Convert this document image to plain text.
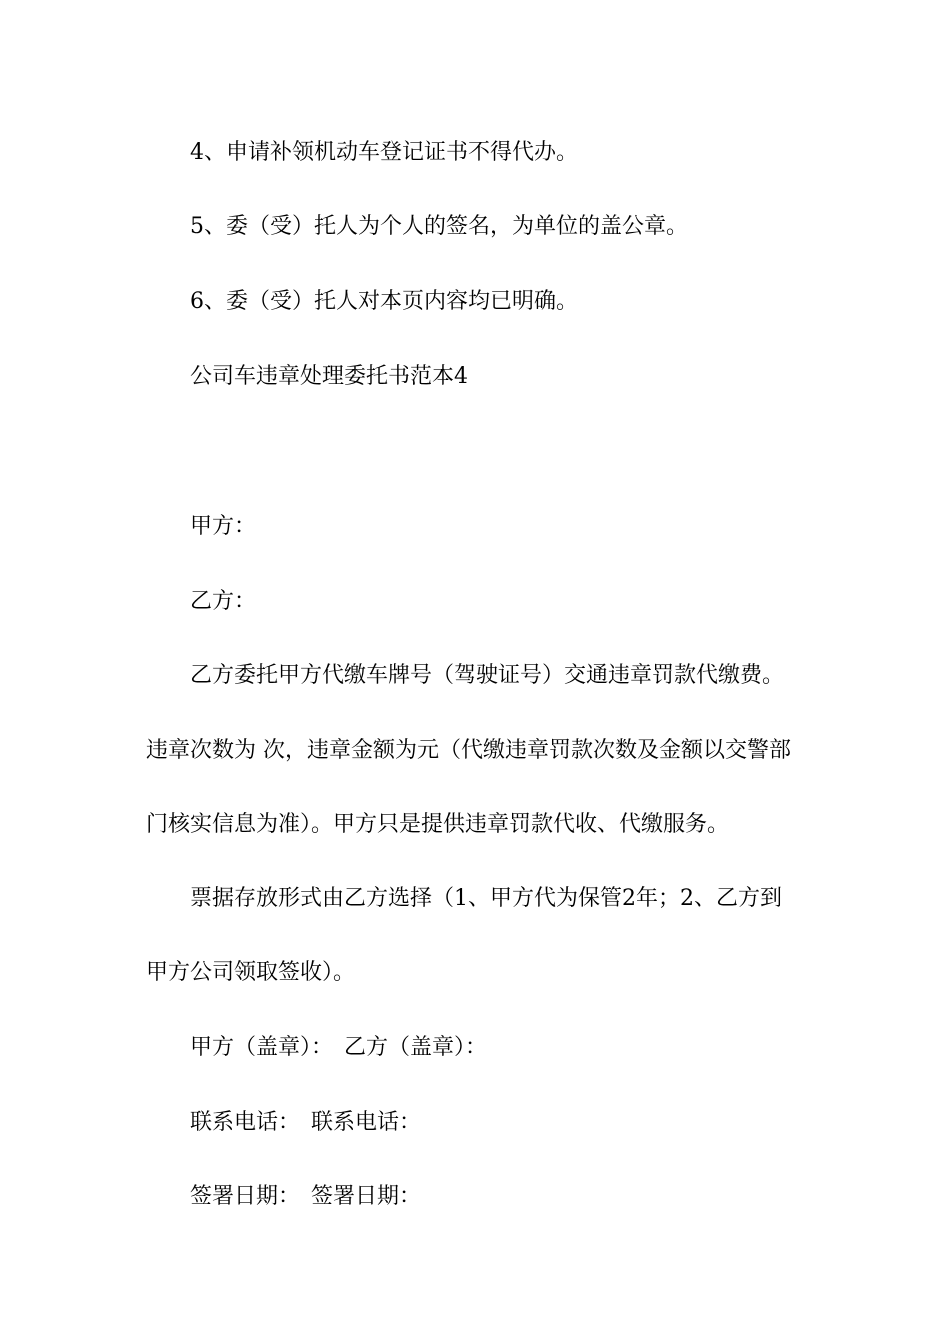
4、申请补领机动车登记证书不得代办。
5、委（受）托人为个人的签名，为单位的盖公章。
6、委（受）托人对本页内容均已明确。
公司车违章处理委托书范本4
甲方：
乙方：
乙方委托甲方代缴车牌号（驾驶证号）交通违章罚款代缴费。
违章次数为 次，违章金额为元（代缴违章罚款次数及金额以交警部
门核实信息为准）。甲方只是提供违章罚款代收、代缴服务。
票据存放形式由乙方选择（1、甲方代为保管2年；2、乙方到
甲方公司领取签收）。
甲方（盖章）：　乙方（盖章）：
联系电话：　联系电话：
签署日期：　签署日期：
